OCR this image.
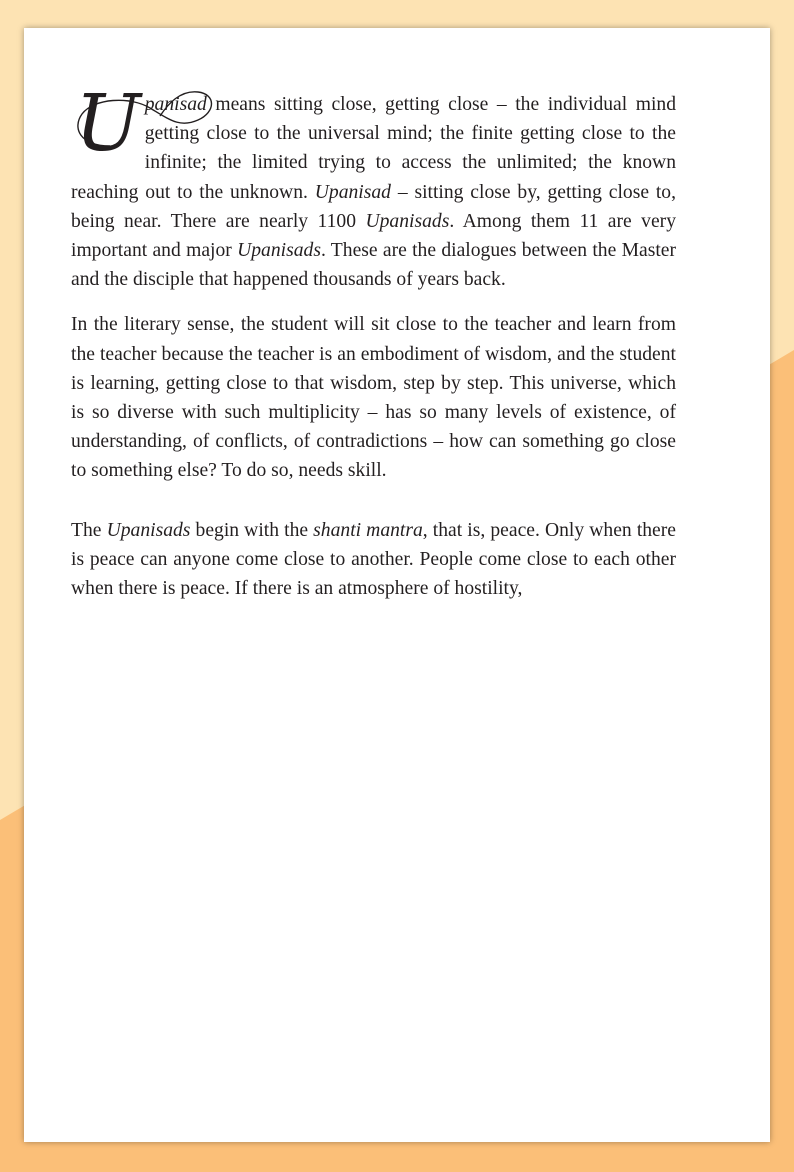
Upanisad means sitting close, getting close – the individual mind getting close to the universal mind; the finite getting close to the infinite; the limited trying to access the unlimited; the known reaching out to the unknown. Upanisad – sitting close by, getting close to, being near. There are nearly 1100 Upanisads. Among them 11 are very important and major Upanisads. These are the dialogues between the Master and the disciple that happened thousands of years back.

In the literary sense, the student will sit close to the teacher and learn from the teacher because the teacher is an embodiment of wisdom, and the student is learning, getting close to that wisdom, step by step. This universe, which is so diverse with such multiplicity – has so many levels of existence, of understanding, of conflicts, of contradictions – how can something go close to something else? To do so, needs skill.

The Upanisads begin with the shanti mantra, that is, peace. Only when there is peace can anyone come close to another. People come close to each other when there is peace. If there is an atmosphere of hostility,
